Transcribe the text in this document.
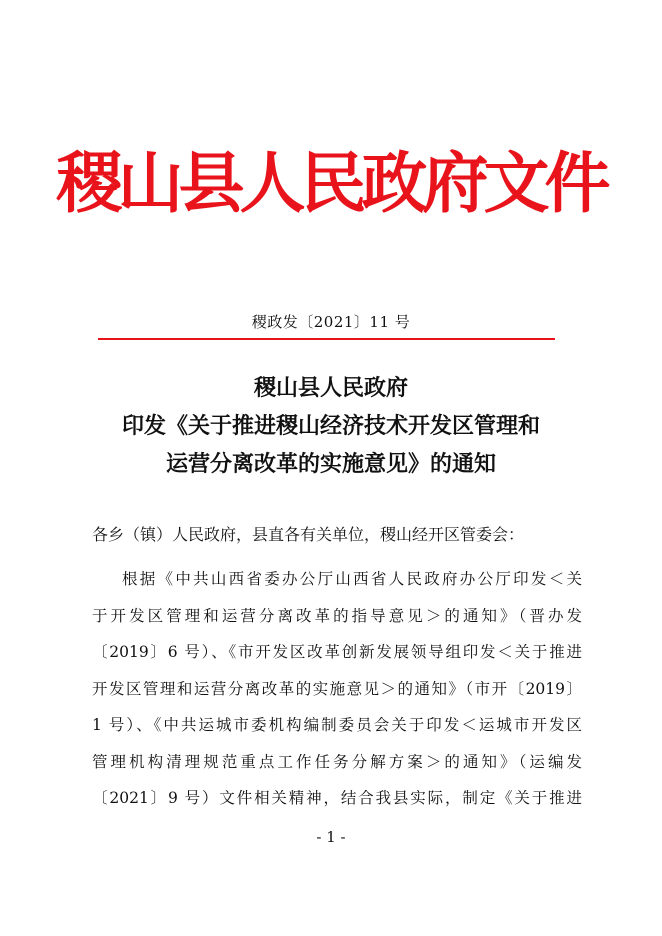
稷山县人民政府文件
稷政发〔2021〕11 号
稷山县人民政府
印发《关于推进稷山经济技术开发区管理和
运营分离改革的实施意见》的通知
各乡（镇）人民政府，县直各有关单位，稷山经开区管委会：
根据《中共山西省委办公厅山西省人民政府办公厅印发＜关
于开发区管理和运营分离改革的指导意见＞的通知》（晋办发
〔2019〕6 号）、《市开发区改革创新发展领导组印发＜关于推进
开发区管理和运营分离改革的实施意见＞的通知》（市开〔2019〕
1 号）、《中共运城市委机构编制委员会关于印发＜运城市开发区
管理机构清理规范重点工作任务分解方案＞的通知》（运编发
〔2021〕9 号）文件相关精神，结合我县实际，制定《关于推进
- 1 -
